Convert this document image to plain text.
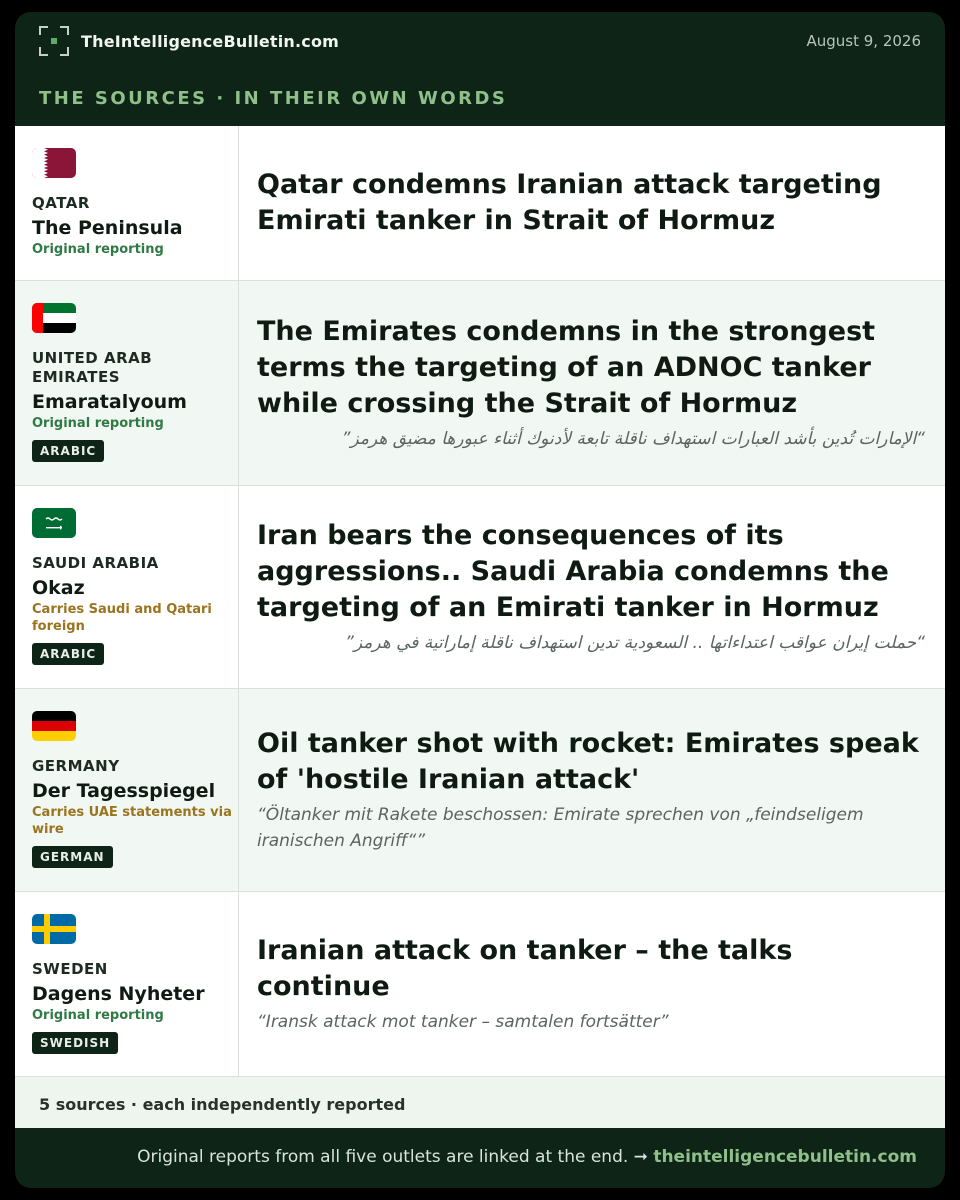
TheIntelligenceBulletin.com	August 9, 2026
THE SOURCES · IN THEIR OWN WORDS
QATAR
The Peninsula
Original reporting
Qatar condemns Iranian attack targeting Emirati tanker in Strait of Hormuz
UNITED ARAB EMIRATES
Emaratalyoum
Original reporting
ARABIC
The Emirates condemns in the strongest terms the targeting of an ADNOC tanker while crossing the Strait of Hormuz
“الإمارات تُدين بأشد العبارات استهداف ناقلة تابعة لأدنوك أثناء عبورها مضيق هرمز”
SAUDI ARABIA
Okaz
Carries Saudi and Qatari foreign
ARABIC
Iran bears the consequences of its aggressions.. Saudi Arabia condemns the targeting of an Emirati tanker in Hormuz
“حملت إيران عواقب اعتداءاتها .. السعودية تدين استهداف ناقلة إماراتية في هرمز”
GERMANY
Der Tagesspiegel
Carries UAE statements via wire
GERMAN
Oil tanker shot with rocket: Emirates speak of 'hostile Iranian attack'
“Öltanker mit Rakete beschossen: Emirate sprechen von „feindseligem iranischen Angriff“”
SWEDEN
Dagens Nyheter
Original reporting
SWEDISH
Iranian attack on tanker – the talks continue
“Iransk attack mot tanker – samtalen fortsätter”
5 sources · each independently reported
Original reports from all five outlets are linked at the end. ➞ theintelligencebulletin.com
